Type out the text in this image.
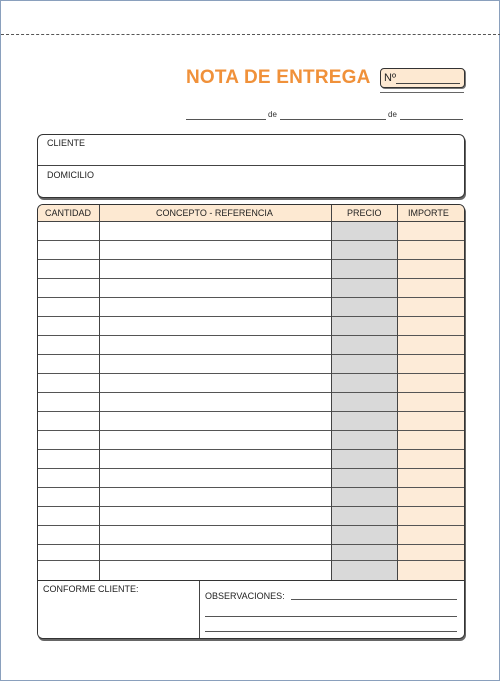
NOTA DE ENTREGA Nº
de	de
CLIENTE
DOMICILIO
CANTIDAD	CONCEPTO - REFERENCIA	PRECIO	IMPORTE
CONFORME CLIENTE:
OBSERVACIONES:
